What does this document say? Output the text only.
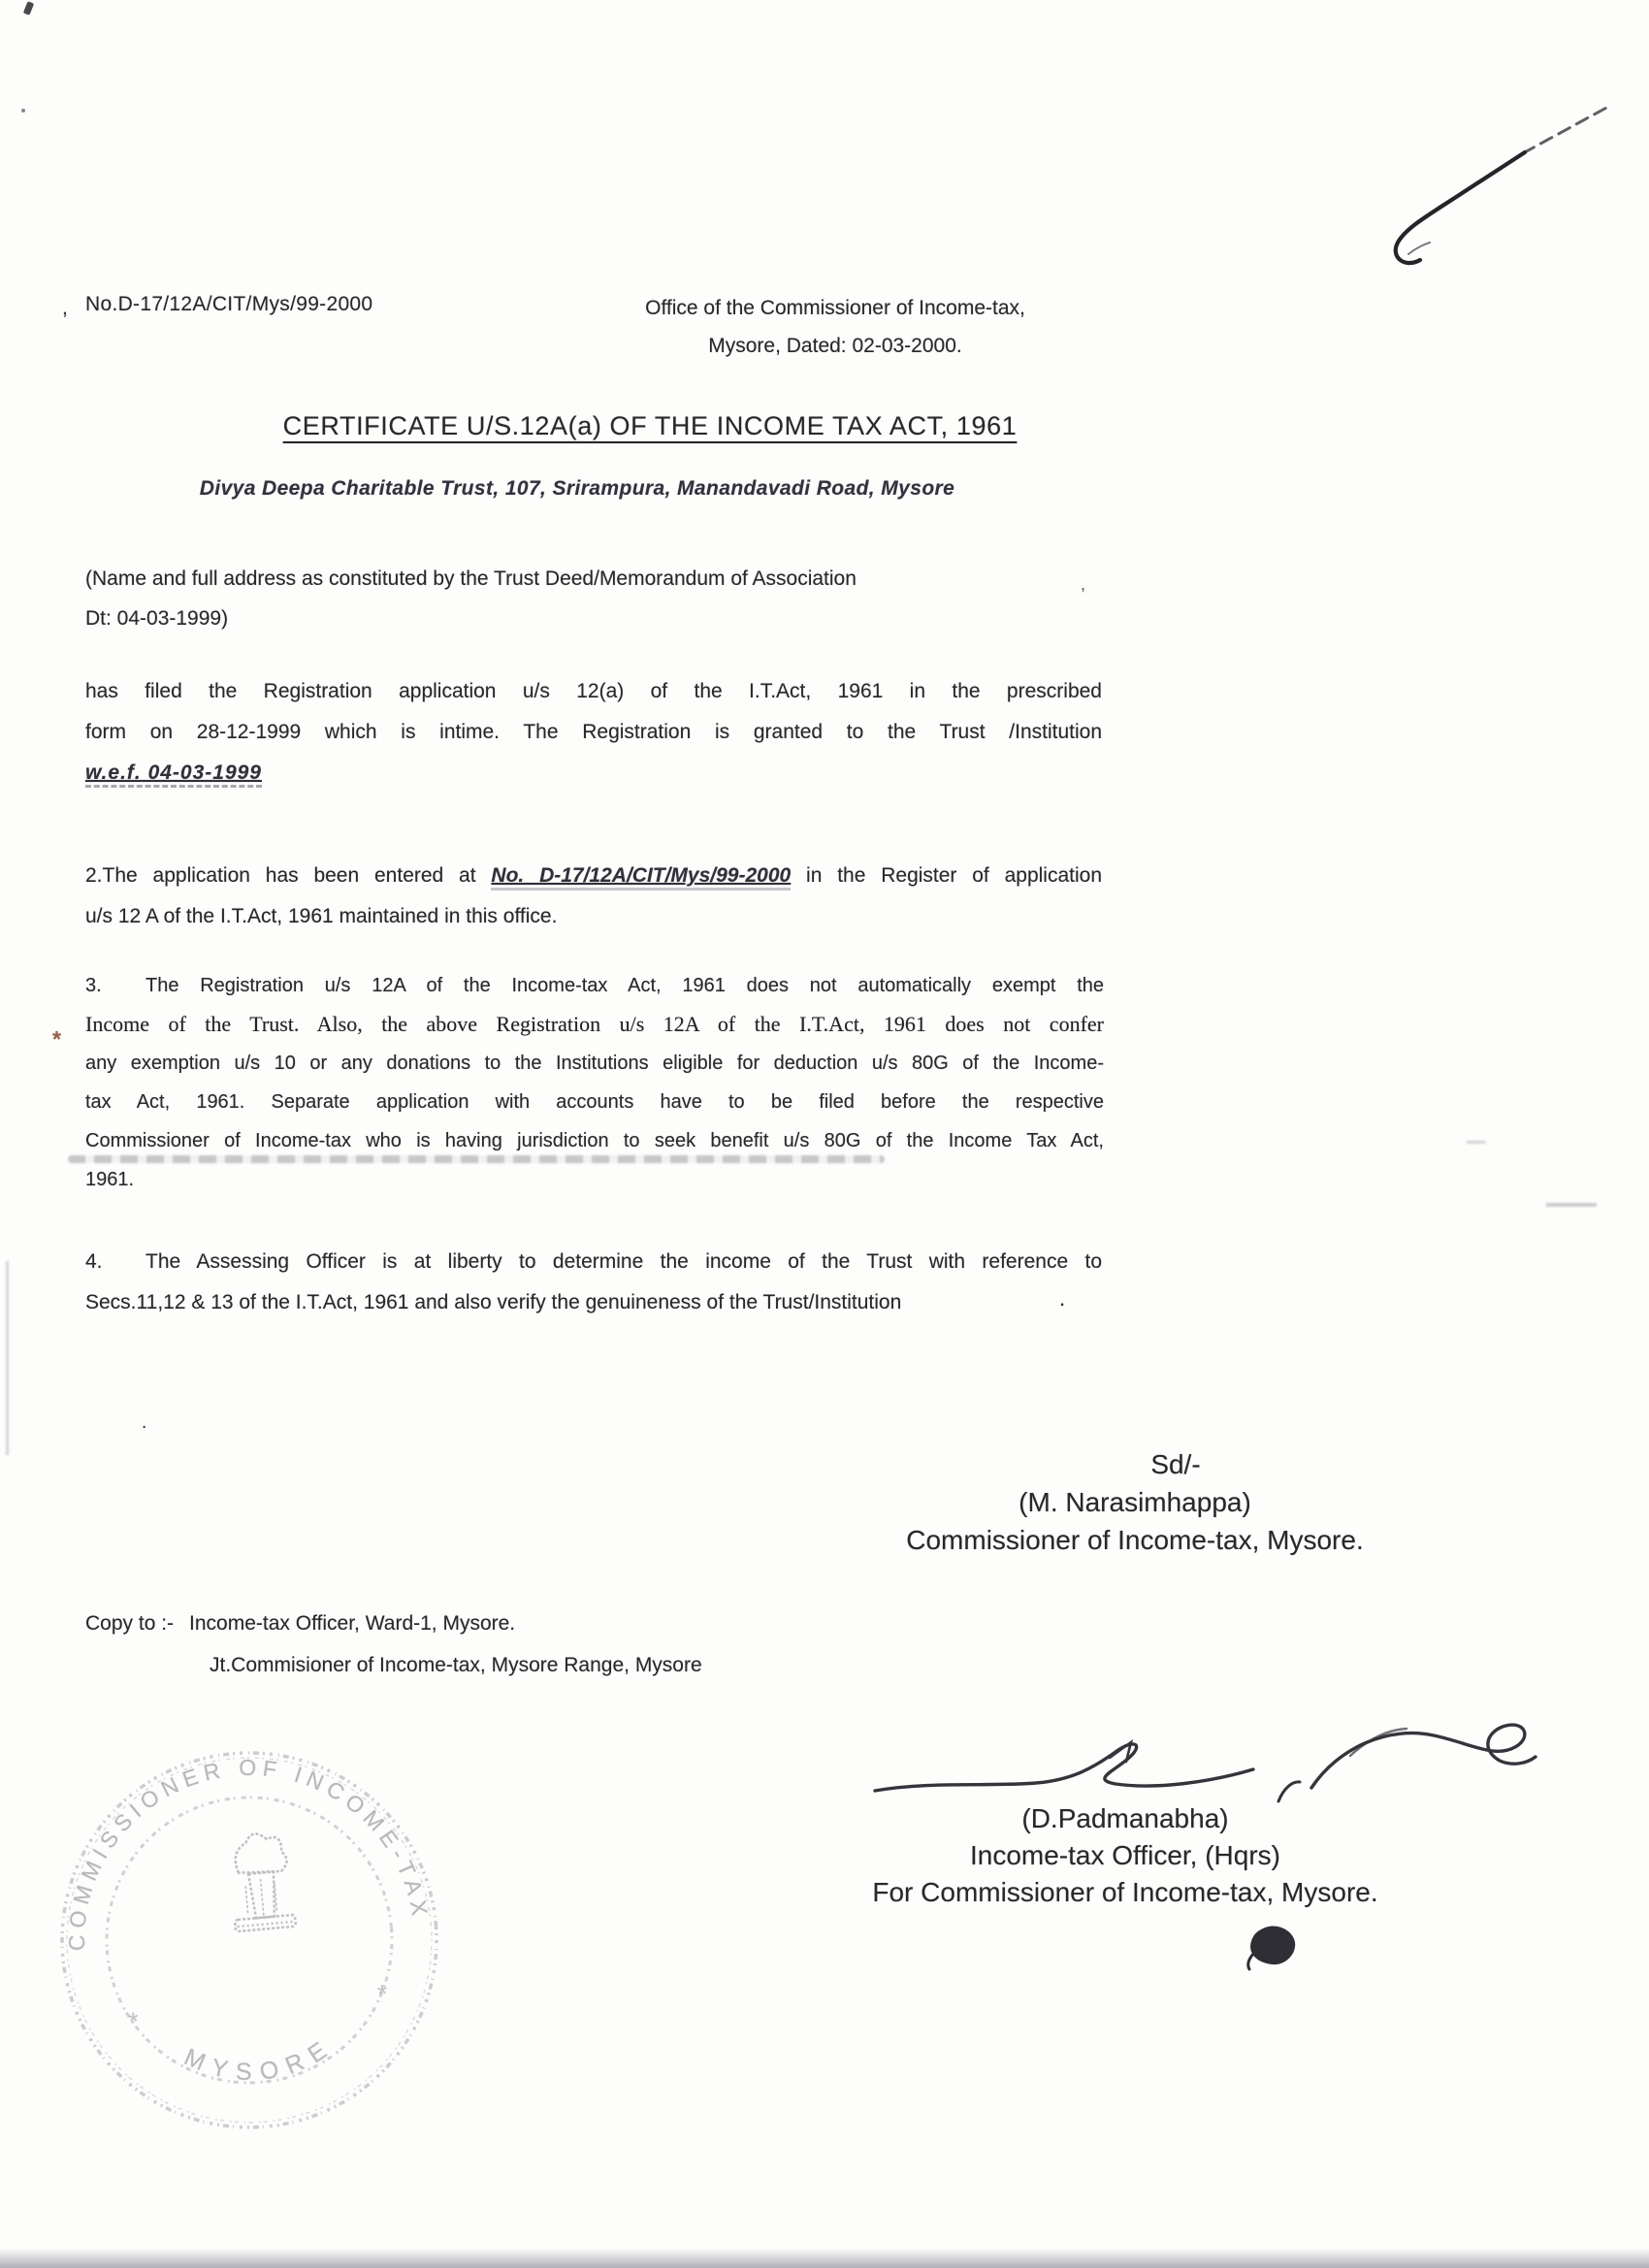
No.D-17/12A/CIT/Mys/99-2000	Office of the Commissioner of Income-tax,
Mysore, Dated: 02-03-2000.
CERTIFICATE U/S.12A(a) OF THE INCOME TAX ACT, 1961
Divya Deepa Charitable Trust, 107, Srirampura, Manandavadi Road, Mysore
(Name and full address as constituted by the Trust Deed/Memorandum of Association
Dt: 04-03-1999)
has filed the Registration application u/s 12(a) of the I.T.Act, 1961 in the prescribed
form on 28-12-1999 which is intime. The Registration is granted to the Trust /Institution
w.e.f. 04-03-1999
2.The application has been entered at No. D-17/12A/CIT/Mys/99-2000 in the Register of application
u/s 12 A of the I.T.Act, 1961 maintained in this office.
3. The Registration u/s 12A of the Income-tax Act, 1961 does not automatically exempt the
Income of the Trust. Also, the above Registration u/s 12A of the I.T.Act, 1961 does not confer
any exemption u/s 10 or any donations to the Institutions eligible for deduction u/s 80G of the Income-
tax Act, 1961. Separate application with accounts have to be filed before the respective
Commissioner of Income-tax who is having jurisdiction to seek benefit u/s 80G of the Income Tax Act,
1961.
4. The Assessing Officer is at liberty to determine the income of the Trust with reference to
Secs.11,12 & 13 of the I.T.Act, 1961 and also verify the genuineness of the Trust/Institution
Sd/-
(M. Narasimhappa)
Commissioner of Income-tax, Mysore.
Copy to :- Income-tax Officer, Ward-1, Mysore.
Jt.Commisioner of Income-tax, Mysore Range, Mysore
(D.Padmanabha)
Income-tax Officer, (Hqrs)
For Commissioner of Income-tax, Mysore.
COMMISSIONER OF INCOME-TAX
MYSORE
*
*
,
*
,
.
.
